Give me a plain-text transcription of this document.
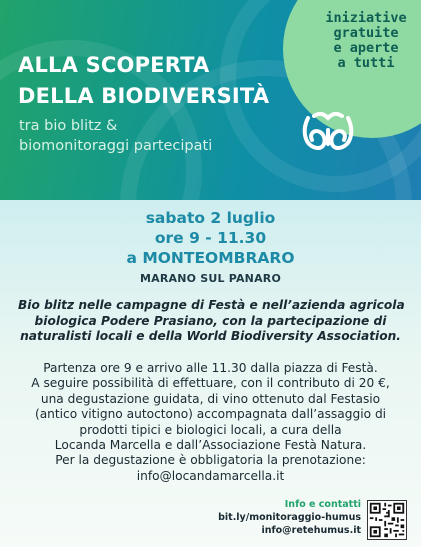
ALLA SCOPERTA
DELLA BIODIVERSITÀ

tra bio blitz &
biomonitoraggi partecipati

iniziative
gratuite
e aperte
a tutti

sabato 2 luglio
ore 9 - 11.30
a MONTEOMBRARO
MARANO SUL PANARO

Bio blitz nelle campagne di Festà e nell’azienda agricola
biologica Podere Prasiano, con la partecipazione di
naturalisti locali e della World Biodiversity Association.

Partenza ore 9 e arrivo alle 11.30 dalla piazza di Festà.
A seguire possibilità di effettuare, con il contributo di 20 €,
una degustazione guidata, di vino ottenuto dal Festasio
(antico vitigno autoctono) accompagnata dall’assaggio di
prodotti tipici e biologici locali, a cura della
Locanda Marcella e dall’Associazione Festà Natura.
Per la degustazione è obbligatoria la prenotazione:
info@locandamarcella.it

Info e contatti
bit.ly/monitoraggio-humus
info@retehumus.it
